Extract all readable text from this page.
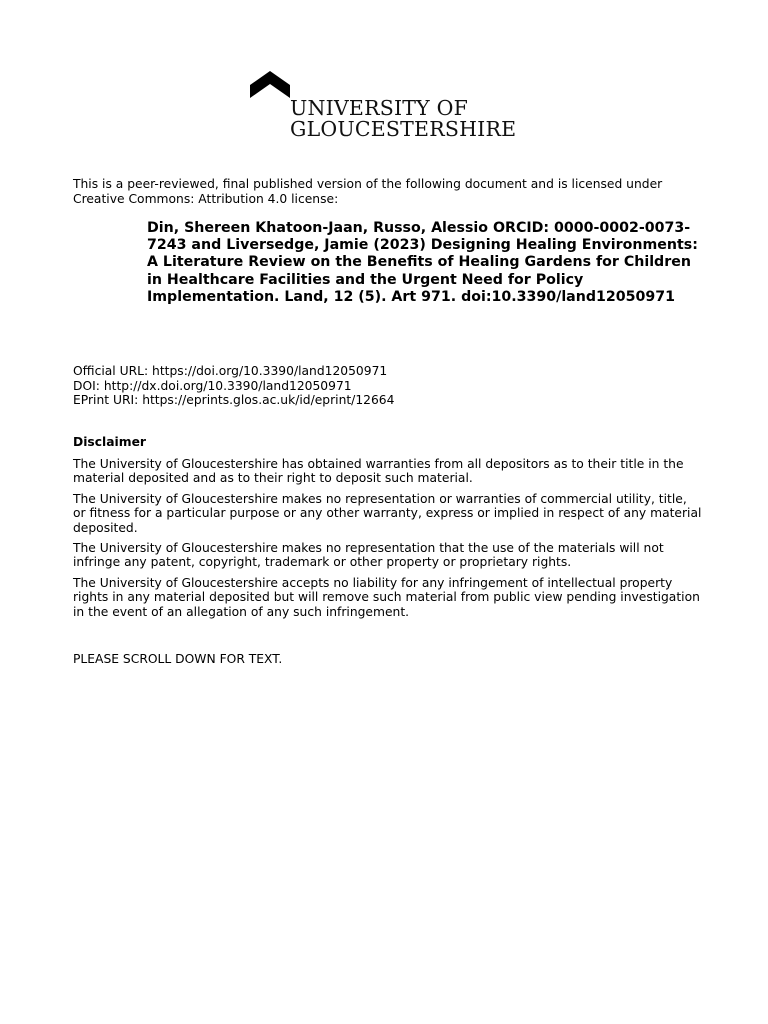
UNIVERSITY OF
GLOUCESTERSHIRE
This is a peer-reviewed, final published version of the following document and is licensed under Creative Commons: Attribution 4.0 license:
Din, Shereen Khatoon-Jaan, Russo, Alessio ORCID: 0000-0002-0073-7243 and Liversedge, Jamie (2023) Designing Healing Environments: A Literature Review on the Benefits of Healing Gardens for Children in Healthcare Facilities and the Urgent Need for Policy Implementation. Land, 12 (5). Art 971. doi:10.3390/land12050971
Official URL: https://doi.org/10.3390/land12050971
DOI: http://dx.doi.org/10.3390/land12050971
EPrint URI: https://eprints.glos.ac.uk/id/eprint/12664
Disclaimer

The University of Gloucestershire has obtained warranties from all depositors as to their title in the material deposited and as to their right to deposit such material.

The University of Gloucestershire makes no representation or warranties of commercial utility, title, or fitness for a particular purpose or any other warranty, express or implied in respect of any material deposited.

The University of Gloucestershire makes no representation that the use of the materials will not infringe any patent, copyright, trademark or other property or proprietary rights.

The University of Gloucestershire accepts no liability for any infringement of intellectual property rights in any material deposited but will remove such material from public view pending investigation in the event of an allegation of any such infringement.

PLEASE SCROLL DOWN FOR TEXT.
